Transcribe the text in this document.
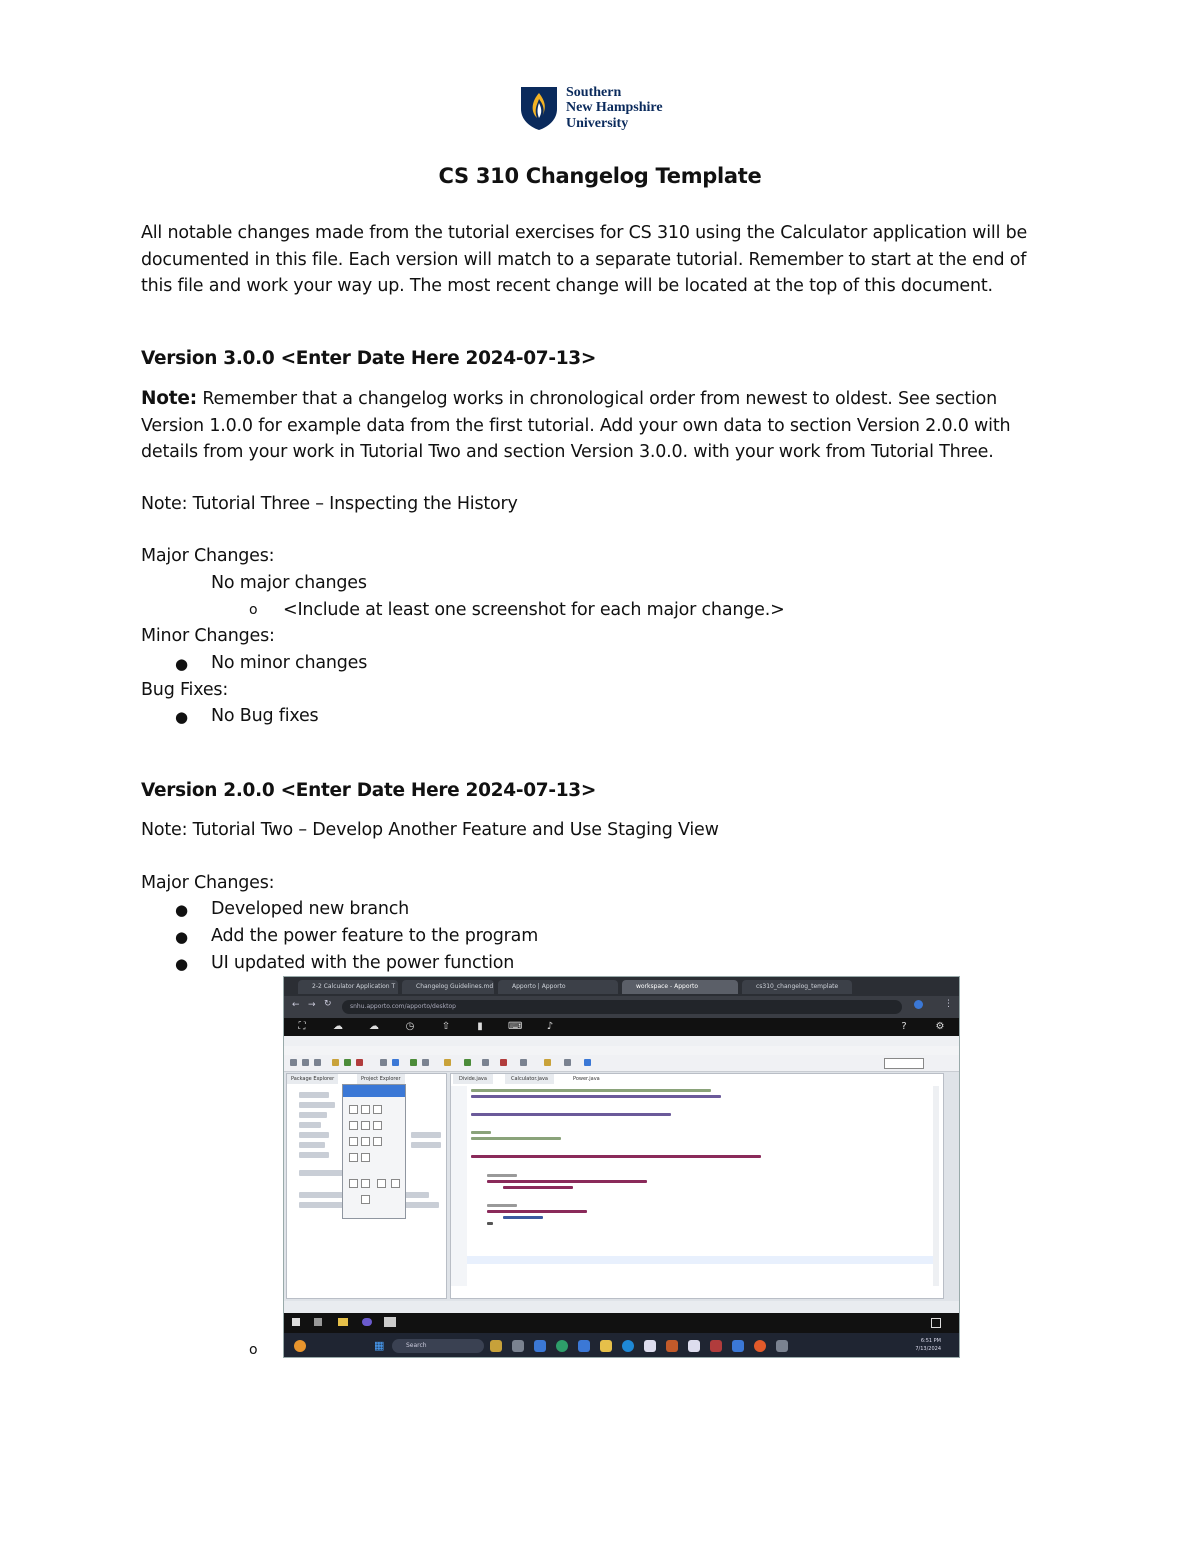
Southern
New Hampshire
University
CS 310 Changelog Template
All notable changes made from the tutorial exercises for CS 310 using the Calculator application will be
documented in this file. Each version will match to a separate tutorial. Remember to start at the end of
this file and work your way up. The most recent change will be located at the top of this document.
Version 3.0.0 <Enter Date Here 2024-07-13>
Note: Remember that a changelog works in chronological order from newest to oldest. See section
Version 1.0.0 for example data from the first tutorial. Add your own data to section Version 2.0.0 with
details from your work in Tutorial Two and section Version 3.0.0. with your work from Tutorial Three.
Note: Tutorial Three – Inspecting the History
Major Changes:
No major changes
o <Include at least one screenshot for each major change.>
Minor Changes:
● No minor changes
Bug Fixes:
● No Bug fixes
Version 2.0.0 <Enter Date Here 2024-07-13>
Note: Tutorial Two – Develop Another Feature and Use Staging View
Major Changes:
● Developed new branch
● Add the power feature to the program
● UI updated with the power function
o
2-2 Calculator Application T	Changelog Guidelines.md	Apporto | Apporto	workspace - Apporto	cs310_changelog_template
← → ↻	snhu.apporto.com/apporto/desktop	⋮
⛶	☁	☁	◷	⇧	▮	⌨ ♪	?	⚙
Package Explorer	Project Explorer	Divide.java	Calculator.java	Power.java
▦	Search
6:51 PM
7/13/2024
